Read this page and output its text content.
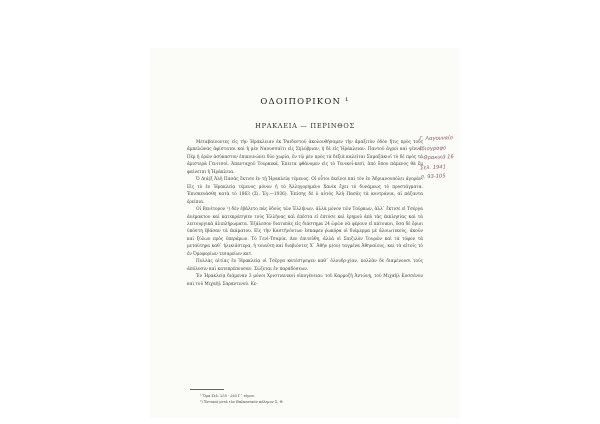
ΟΔΟΙΠΟΡΙΚΟΝ ¹
ΗΡΑΚΛΕΙΑ — ΠΕΡΙΝΘΟΣ

Μεταβαίνοντες εἰς τὴν Ἡράκλειαν ἐκ Ῥαιδεστοῦ ἀκολουθήσαμεν τὴν ἁμαξιτὸν ὁδὸν ἥτις πρὸς τοὺς ἀμπελῶνας ἀφίσταται καὶ ἡ μὲν Ναουσσαῖτι εἰς Σηλύβριαν, ἡ δὲ εἰς Ἡράκλειαν. Παντοῦ ἀγροὶ καὶ γέννα. Πέρ ἡ ὁρῶν ἀσύκαστον ἐπικοινώνει δύο χωρία, ἐν τῷ μὲν πρὸς τὰ δεξιὰ καλεῖται Σαμαξάκιοϊ τὸ δὲ πρὸς τὰ ἀριστερὰ Γενιτσοὶ. Ἀπανταχοῦ Τουρκικά. Ἐπειτα φθάνομεν εἰς τὸ Τενικοΐ-κεσὶ, ἀπὸ ὅπου πάμενος θὰ ἔμ φαίνεται ἡ Ἡράκλεια.

Ὁ Δ(ά)ξ Ἀλῆ Πασᾶς ἔκτισε ἐν τῇ Ἡρακλείᾳ τέμενος. Οἱ οὗτοι ἐκεῖνοι καὶ τὸν ἐν Ἀδριανουπόλει ἀγορὰν. Εἰς τὸ ἐν Ἡρακλείᾳ τέμενος μόνον ἡ τὸ Ἀλληγορημένο Χανίκ ἔχει τὸ δυνάμεως τὸ προστάγματα. Ἐπισκευάσθη κατὰ τὸ 1863 (Σι. Ἐγ.—1936). Ἐπίσης δὲ ὁ αὐτὸς Ἀλῆ Πασᾶς τὰ κοντράνια, αἱ πάζαντα ἐρείπια.

Οἱ Βενέτορον ²) δὲν ἐβάλετο πάς ὁδοὺς τῶν Ἑλλήνων, ἀλλὰ μόνον τῶν Τούρκων, ἀλλ᾽ ἔκτισε εἰ Τσέργα ἀνέμακτον καὶ κατεκράτησεν τοὺς Ἑλλήνας καὶ ἐπέστα εἰ ἐπτύσε καὶ ἐρημοῦ ἀπὸ τὰς ἐκκλησίας καὶ τὰ λειτουργικὰ ἀλιπλήρωματα. Ἐξάλεσον διατυπὰς εἰς διάστημα 24 ὡρῶν νὰ φέρουν εἰ κάτοικοι, ὅσα δὲ ὄριοι ὑπόστη ἐβάσαν τὰ ἐκάματου. Εἰς τὴν Καστὴνόντων ἐσκαφεν ῥωκόρα οἱ διάμερμα μὲ ἀλοιωτικοὺς, ἀκοῦν καὶ ξύλων πρὸς ὑπεράρων. Τὸ Γενὶ-Τσαρία. Δεν ἐπιτεὐθη, ἀλλὰ οἱ Σαιζιλὸν Τουρῶν καὶ τὰ τόφον τὰ μεταύτηρα καθ᾽ ἡλικιάστερα, ἡ τοιαῦτη καὶ διαβιόντες Χ᾽ Ἀθὴν μ(ου) ταγμένα Ἀθηναίους, καὶ τὰ αἱτοῖς τὸ ἐν Ὀμοφορίων τεσαρείων κατ.

Πολλὰς αἰτίας ἐν Ἡρακλείᾳ οἱ Τσέργα κατέστρεψεν καθ᾽ ὀλουδρ-χίαν, πολλὰν δὲ διαμένουσι τούς ἀπόλυσιν καὶ κατεπρέπουσαν. Σώζεται ἐν παραδόσεων.

Ἐν Ἡρακλείᾳ διάμεναν 3 μόνοι Χριστιανικοὶ οἰκογένειαι: τοῦ Καρμοζῆ Ἀντώνη, τοῦ Μιχαὴλ Κοσσένου καὶ τοῦ Μιχαὴλ Σαραντινοῦ. Κε-

¹ Ὅρα Σελ. 255 - 263 Γ᾽ τόμου.
²) Ἐντικαὶ μετὰ τὸν Βαλκανικὸν πόλεμον Σ. Θ.
Γ. Λαγουναίο
Ἱδιογραφο
- Θρακικά 16
Σελ. 1941
σ. 93-105
